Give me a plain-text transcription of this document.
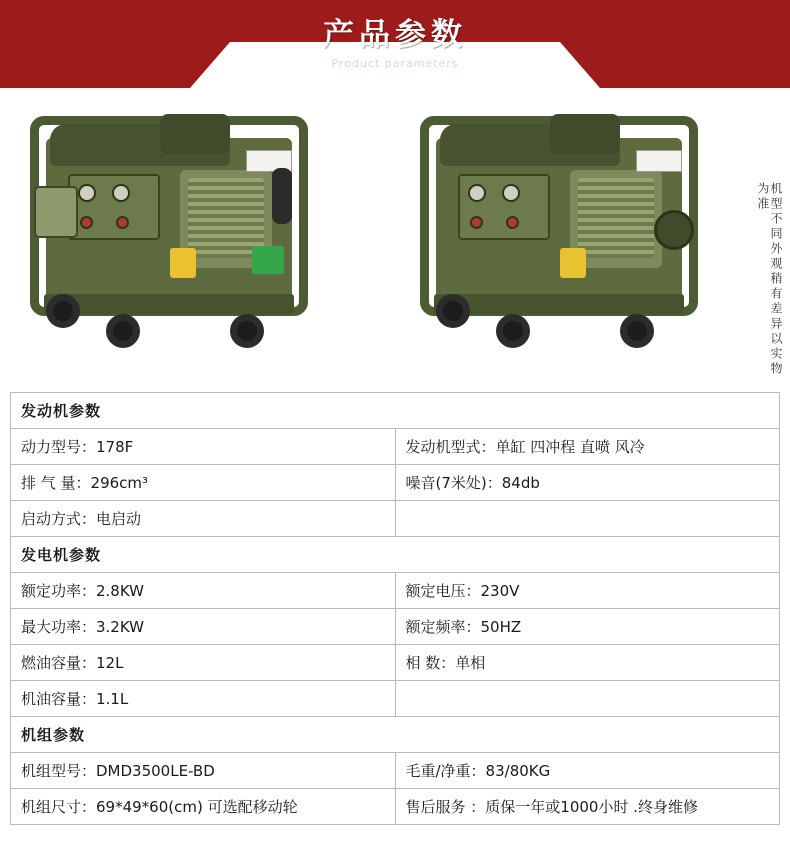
产品参数
Product parameters
机型不同外观稍有差异以实物为准
发动机参数	
动力型号：178F	发动机型式：单缸 四冲程 直喷 风冷
排 气 量：296cm³	噪音(7米处)：84db
启动方式：电启动	
发电机参数	
额定功率：2.8KW	额定电压：230V
最大功率：3.2KW	额定频率：50HZ
燃油容量：12L	相 数：单相
机油容量：1.1L	
机组参数	
机组型号：DMD3500LE-BD	毛重/净重：83/80KG
机组尺寸：69*49*60(cm) 可选配移动轮	售后服务 ：质保一年或1000小时 .终身维修
